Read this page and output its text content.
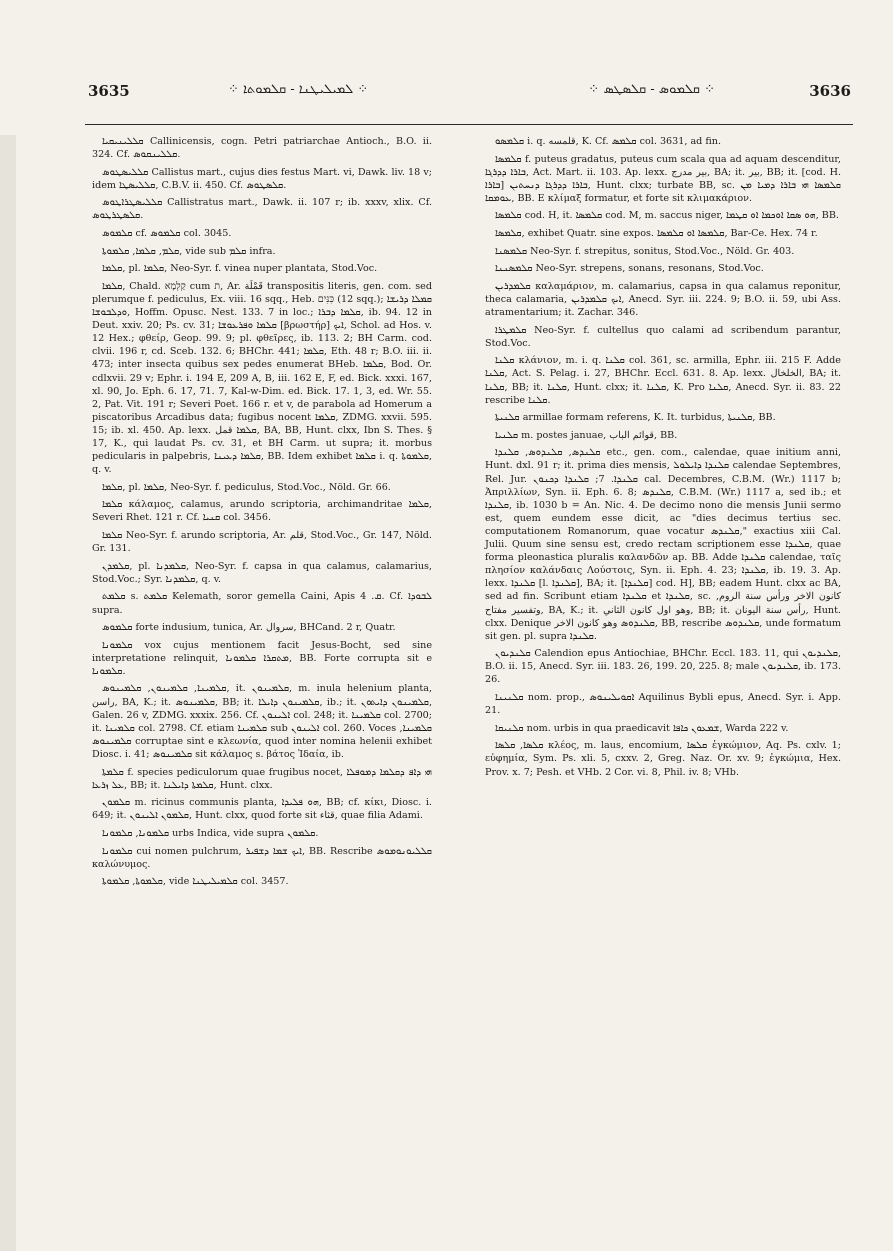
3635	⁘ ܠܡܝܠܝܛܢܐ - ܩܠܡܘܬܐ ⁘	⁘ ܩܠܡܘܣ - ܩܠܣܛܣ ⁘	3636

ܩܠܠܝܢܝܩܝܐ Callinicensis, cogn. Petri patriarchae Antioch., B.O. ii. 324. Cf. ܩܠܠܝܢܩܘܣ.

ܩܠܠܝܣܛܘܣ Callistus mart., cujus dies festus Mart. vi, Dawk. liv. 18 v; idem ܩܠܠܝܣܛܐ, C.B.V. ii. 450. Cf. ܩܠܣܛܘܣ.

ܩܠܠܝܣܛܪܐܛܘܣ Callistratus mart., Dawk. ii. 107 r; ib. xxxv, xlix. Cf. ܩܠܣܛܪܛܘܣ.

ܩܠܡܘܣ cf. ܩܠܡܘܣ col. 3045.

ܩܠܡ, ܩܠܡܐ, ܩܠܡܘܬܐ, vide sub ܩܠܡ infra.

ܩܠܡܐ, pl. ܩܠܡܐ, Neo-Syr. f. vinea nuper plantata, Stod.Voc.

ܩܠܡܐ, Chald. קַלְמָא cum ת, Ar. قَمْلَة transpositis literis, gen. com. sed plerumque f. pediculus, Ex. viii. 16 sqq., Heb. כִּנִּים (12 sqq.); ܩܡܠܐ ܕܪܝܫܐ ܘܕܠܒܘܫܐ, Hoffm. Opusc. Nest. 133. 7 in loc.; ܩܠܡܐ ܕܒܪܐ, ib. 94. 12 in Deut. xxiv. 20; Ps. cv. 31; ܩܠܡܐ ܘܦܪܥܘܫܐ [βρωστήρ] ܐܝܟ, Schol. ad Hos. v. 12 Hex.; φθείρ, Geop. 99. 9; pl. φθεῖρες, ib. 113. 2; BH Carm. cod. clvii. 196 r, cd. Sceb. 132. 6; BHChr. 441; ܩܠܡܐ, Eth. 48 r; B.O. iii. ii. 473; inter insecta quibus sex pedes enumerat BHeb. ܩܠܡܐ, Bod. Or. cdlxvii. 29 v; Ephr. i. 194 E, 209 A, B, iii. 162 E, F, ed. Bick. xxxi. 167, xl. 90, Jo. Eph. 6. 17, 71. 7, Kal-w-Dim. ed. Bick. 17. 1, 3, ed. Wr. 55. 2, Pat. Vit. 191 r; Severi Poet. 166 r. et v, de parabola ad Homerum a piscatoribus Arcadibus data; fugibus nocent ܩܠܡܐ, ZDMG. xxvii. 595. 15; ib. xl. 450. Ap. lexx. ܩܠܡܐ قمل, BA, BB, Hunt. clxx, Ibn S. Thes. § 17, K., qui laudat Ps. cv. 31, et BH Carm. ut supra; it. morbus pedicularis in palpebris, ܩܠܡܐ ܕܥܝܢܐ, BB. Idem exhibet ܩܠܡܐ i. q. ܩܠܡܘܬܐ, q. v.

ܩܠܡܐ, pl. ܩܠܡܐ, Neo-Syr. f. pediculus, Stod.Voc., Nöld. Gr. 66.

ܩܠܡܐ κάλαμος, calamus, arundo scriptoria, archimandritae ܩܠܡܐ, Severi Rhet. 121 r. Cf. ܩܢܝܐ col. 3456.

ܩܠܡܐ Neo-Syr. f. arundo scriptoria, Ar. قلم, Stod.Voc., Gr. 147, Nöld. Gr. 131.

ܩܠܡܕܢ, pl. ܩܠܡܕܢܐ, Neo-Syr. f. capsa in qua calamus, calamarius, Stod.Voc.; Syr. ܩܠܡܕܢܐ, q. v.

ܩܠܡܬ s. ܩܠܡܬ Kelemath, soror gemella Caini, Apis ܩ. 4. Cf. ܠܒܘܕܐ supra.

ܩܠܡܘܣ forte indusium, tunica, Ar. سروال, BHCand. 2 r, Quatr.

ܩܠܡܘܢܐ vox cujus mentionem facit Jesus-Bocht, sed sine interpretatione relinquit, ܡܬܩܪܐ ܩܠܡܘܢܐ, BB. Forte corrupta sit e ܩܠܡܘܢܐ.

ܩܠܡܝܢܐ, ܩܠܡܝܢܘܢ, ܩܠܡܝܢܘܣ, it. ܩܠܡܝܢܘܢ, m. inula helenium planta, راسن, BA, K.; it. ܩܠܡܝܢܘܣ, BB; it. ܩܠܡܝܢܘܢ ܕܐܝܠܐ, ib.; it. ܩܠܡܝܢܘܢ ܕܐܝܬܘܢ, Galen. 26 v, ZDMG. xxxix. 256. Cf. ܐܠܝܢܘܢ col. 248; it. ܩܠܡܝܢܐ col. 2700; it. ܩܠܡܝܢܐ col. 2798. Cf. etiam ܩܠܡܝܢܐ sub ܐܠܝܢܘܢ col. 260. Voces ܩܠܡܝܢܐ, ܩܠܡܝܢܘܣ corruptae sint e κλεωνία, quod inter nomina helenii exhibet Diosc. i. 41; ܩܠܡܝܢܘܣ sit κάλαμος s. βάτος Ἰδαία, ib.

ܩܠܡܬܐ f. species pediculorum quae frugibus nocet, ܗܝ ܕܐܦ ܕܩܠܡܐ ܕܡܘܦܠܐ ܥܠ ܙܪܥܐ, BB; it. ܩܠܡܬܐ ܕܐܝܠܢܐ, Hunt. clxx.

ܩܠܡܘܢ m. ricinus communis planta, ܗܘ ܦܠܝܕܐ, BB; cf. κίκι, Diosc. i. 649; it. ܩܠܡܘܢ ܐܠܝܢܘܢ, Hunt. clxx, quod forte sit قثاء, quae filia Adami.

ܩܠܡܘܢܐ, ܩܠܡܘܢܐ urbs Indica, vide supra ܩܠܡܘܢ.

ܩܠܡܘܢܐ cui nomen pulchrum, ܐܝܟ ܫܡܐ ܕܫܦܝܪ, BB. Rescribe ܩܠܠܝܘܢܘܡܘܣ καλώνυμος.

ܩܠܡܘܬܐ, ܩܠܡܘܬܐ, vide ܩܠܡܝܠܝܛܢܐ col. 3457.

ܩܠܡܣܘ i. q. قلمسه, K. Cf. ܩܠܡܣ col. 3631, ad fin.

ܩܠܡܣܐ f. puteus gradatus, puteus cum scala qua ad aquam descenditur, ܒܐܪܐ ܕܕܪܓܐ, Act. Mart. ii. 103. Ap. lexx. بير مدرج, BA; it. بير, BB; it. [cod. H. ܒܐܪܐ] ܒܐܪܐ ܕܕܪܓܐ ܕܢܚܬܝܢ, Hunt. clxx; turbate BB, sc. ܩܠܡܣܐ ܗܝ ܒܐܪܐ ܕܡܝܐ ܡܢ ܥܘܡܩܐ, BB. E κλίμαξ formatur, et forte sit κλιμακάριον.

ܩܠܡܣܐ cod. H, it. ܩܠܡܣܐ cod. M, m. saccus niger, ܗܘ ܣܩܐ ܐܘܟܡܐ ܐܘ ܩܛܡܐ, BB.

ܩܠܡܣܐ, exhibet Quatr. sine expos. ܩܠܡܣܐ ܐܘ ܩܠܡܣܐ, Bar-Ce. Hex. 74 r.

ܩܠܡܣܢܐ Neo-Syr. f. strepitus, sonitus, Stod.Voc., Nöld. Gr. 403.

ܩܠܡܣܢܢܐ Neo-Syr. strepens, sonans, resonans, Stod.Voc.

ܩܠܡܕܪܝܢ καλαμάριον, m. calamarius, capsa in qua calamus reponitur, theca calamaria, ܐܝܟ ܩܠܡܕܪܝܢ, Anecd. Syr. iii. 224. 9; B.O. ii. 59, ubi Ass. atramentarium; it. Zachar. 346.

ܩܠܡܛܪܐ Neo-Syr. f. cultellus quo calami ad scribendum parantur, Stod.Voc.

ܩܠܢܐ κλάνιον, m. i. q. ܩܠܢܐ col. 361, sc. armilla, Ephr. iii. 215 F. Adde ܩܠܢܐ, Act. S. Pelag. i. 27, BHChr. Eccl. 631. 8. Ap. lexx. الخلخال, BA; it. ܩܠܢܐ, BB; it. ܩܠܢܐ, Hunt. clxx; it. ܩܠܢܐ, K. Pro ܩܠܢܐ, Anecd. Syr. ii. 83. 22 rescribe ܩܠܢܐ.

ܩܠܢܝܬܐ armillae formam referens, K. It. turbidus, ܩܠܢܝܬܐ, BB.

ܩܠܢܝܐ m. postes januae, قوائم الباب, BB.

ܩܠܢܕܣ, ܩܠܢܕܘܣ, ܩܠܢܕܐ etc., gen. com., calendae, quae initium anni, Hunt. dxl. 91 r; it. prima dies mensis, ܩܠܢܕܐ ܕܐܝܠܘܠ calendae Septembres, Rel. Jur. ܩܠܢܕܐ. 7; ܩܠܢܕܐ ܕܟܢܘܢ cal. Decembres, C.B.M. (Wr.) 1117 b; Ἀπριλλίων, Syn. ii. Eph. 6. 8; ܩܠܢܕܣ, C.B.M. (Wr.) 1117 a, sed ib.; et ܩܠܢܕܐ, ib. 1030 b = An. Nic. 4. De decimo nono die mensis Junii sermo est, quem eundem esse dicit, ac "dies decimus tertius sec. computationem Romanorum, quae vocatur ܩܠܢܕܣ," exactius xiii Cal. Julii. Quum sine sensu est, credo rectam scriptionem esse ܩܠܢܕܐ, quae forma pleonastica pluralis καλανδῶν ap. BB. Adde ܩܠܢܕܐ calendae, ταῖς πλησίον καλάνδαις Λούστοις, Syn. ii. Eph. 4. 23; ܩܠܢܕܐ, ib. 19. 3. Ap. lexx. ܩܠܢܕܐ [l. ܩܠܢܕܐ], BA; it. [ܩܠܢܕܐ] cod. H], BB; eadem Hunt. clxx ac BA, sed ad fin. Scribunt etiam ܩܠܢܕܐ et ܩܠܢܕܐ, sc. كانون الاخر ورأس سنة الروم, وتفسير مفتاح, BA, K.; it. وهو اول كانون الثاني, BB; it. رأس سنة اليونان, Hunt. clxx. Denique ܩܠܢܕܘܣ وهو كانون الاخر, BB, rescribe ܩܠܢܕܘܣ, unde formatum sit gen. pl. supra ܩܠܢܕܐ.

ܩܠܢܕܝܘܢ Calendion epus Antiochiae, BHChr. Eccl. 183. 11, qui ܩܠܢܕܝܘܢ, B.O. ii. 15, Anecd. Syr. iii. 183. 26, 199. 20, 225. 8; male ܩܠܢܕܝܘܢ, ib. 173. 26.

ܩܠܢܝܢܐ nom. prop., ܐܩܘܝܠܝܢܘܣ Aquilinus Bybli epus, Anecd. Syr. i. App. 21.

ܩܠܢܝܩܐ nom. urbis in qua praedicavit ܫܡܥܘܢ ܟܐܦܐ, Warda 222 v.

ܩܠܣܐ, ܩܠܣܐ κλέος, m. laus, encomium, ܩܠܣܐ ἐγκώμιον, Aq. Ps. cxlv. 1; εὐφημία, Sym. Ps. xli. 5, cxxv. 2, Greg. Naz. Or. xv. 9; ἐγκώμια, Hex. Prov. x. 7; Pesh. et VHb. 2 Cor. vi. 8, Phil. iv. 8; VHb.
